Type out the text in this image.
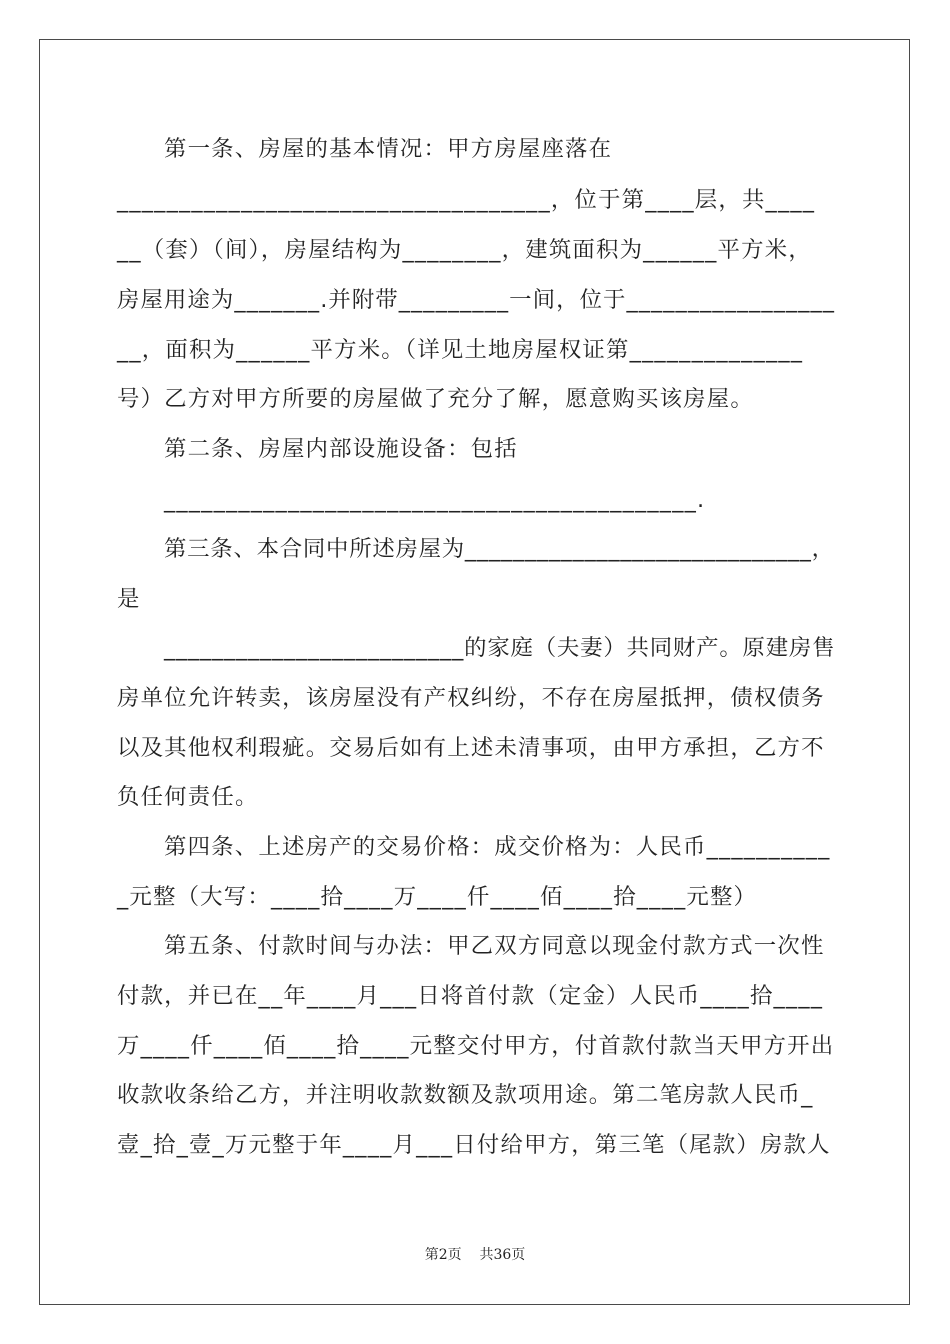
第一条、房屋的基本情况：甲方房屋座落在
___________________________________，位于第____层，共____
__（套）（间），房屋结构为________，建筑面积为______平方米，
房屋用途为_______.并附带_________一间，位于_________________
__，面积为______平方米。（详见土地房屋权证第______________
号）乙方对甲方所要的房屋做了充分了解，愿意购买该房屋。
第二条、房屋内部设施设备：包括
___________________________________________.
第三条、本合同中所述房屋为_____________________________，
是
_________________________的家庭（夫妻）共同财产。原建房售
房单位允许转卖，该房屋没有产权纠纷，不存在房屋抵押，债权债务
以及其他权利瑕疵。交易后如有上述未清事项，由甲方承担，乙方不
负任何责任。
第四条、上述房产的交易价格：成交价格为：人民币__________
_元整（大写：____拾____万____仟____佰____拾____元整）
第五条、付款时间与办法：甲乙双方同意以现金付款方式一次性
付款，并已在__年____月___日将首付款（定金）人民币____拾____
万____仟____佰____拾____元整交付甲方，付首款付款当天甲方开出
收款收条给乙方，并注明收款数额及款项用途。第二笔房款人民币_
壹_拾_壹_万元整于年____月___日付给甲方，第三笔（尾款）房款人
第2页 共36页
